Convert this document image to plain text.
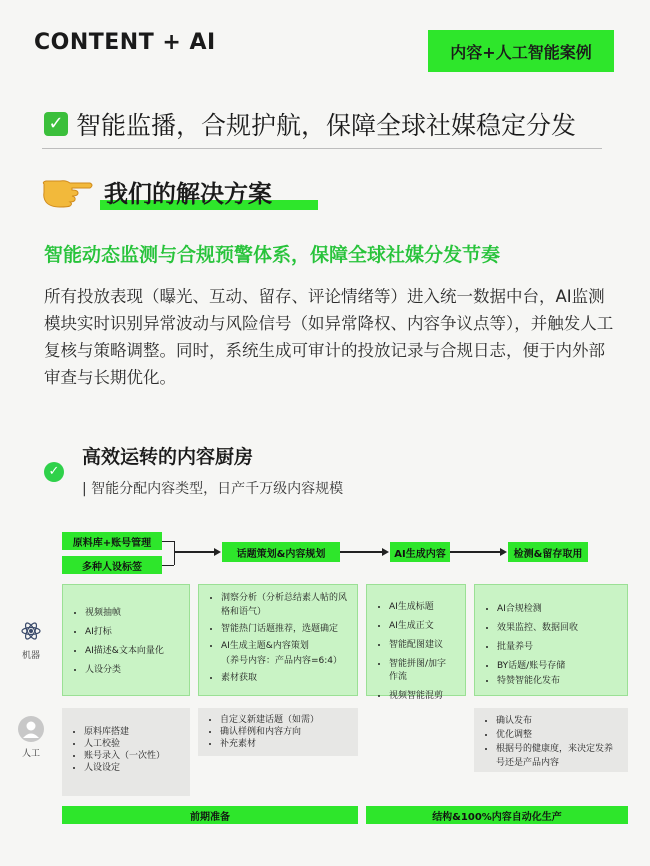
CONTENT + AI	内容+人工智能案例
✓ 智能监播，合规护航，保障全球社媒稳定分发
我们的解决方案
智能动态监测与合规预警体系，保障全球社媒分发节奏
所有投放表现（曝光、互动、留存、评论情绪等）进入统一数据中台，AI监测模块实时识别异常波动与风险信号（如异常降权、内容争议点等），并触发人工复核与策略调整。同时，系统生成可审计的投放记录与合规日志，便于内外部审查与长期优化。
✓
高效运转的内容厨房
| 智能分配内容类型，日产千万级内容规模
原料库+账号管理
多种人设标签
话题策划&内容规划	AI生成内容	检测&留存取用
机器
人工
• 视频抽帧
• AI打标
• AI描述&文本向量化
• 人设分类
• 洞察分析（分析总结素人帖的风格和语气）
• 智能热门话题推荐，选题确定
• AI生成主题&内容策划
（养号内容：产品内容=6:4）
• 素材获取
• AI生成标题
• AI生成正文
• 智能配图建议
• 智能拼图/加字作流
• 视频智能混剪
• AI合规检测
• 效果监控、数据回收
• 批量养号
• BY话题/账号存储
• 特赞智能化发布
• 原料库搭建
• 人工校验
• 账号录入（一次性）
• 人设设定
• 自定义新建话题（如需）
• 确认样例和内容方向
• 补充素材
• 确认发布
• 优化调整
• 根据号的健康度，来决定发养号还是产品内容
前期准备	结构&100%内容自动化生产
